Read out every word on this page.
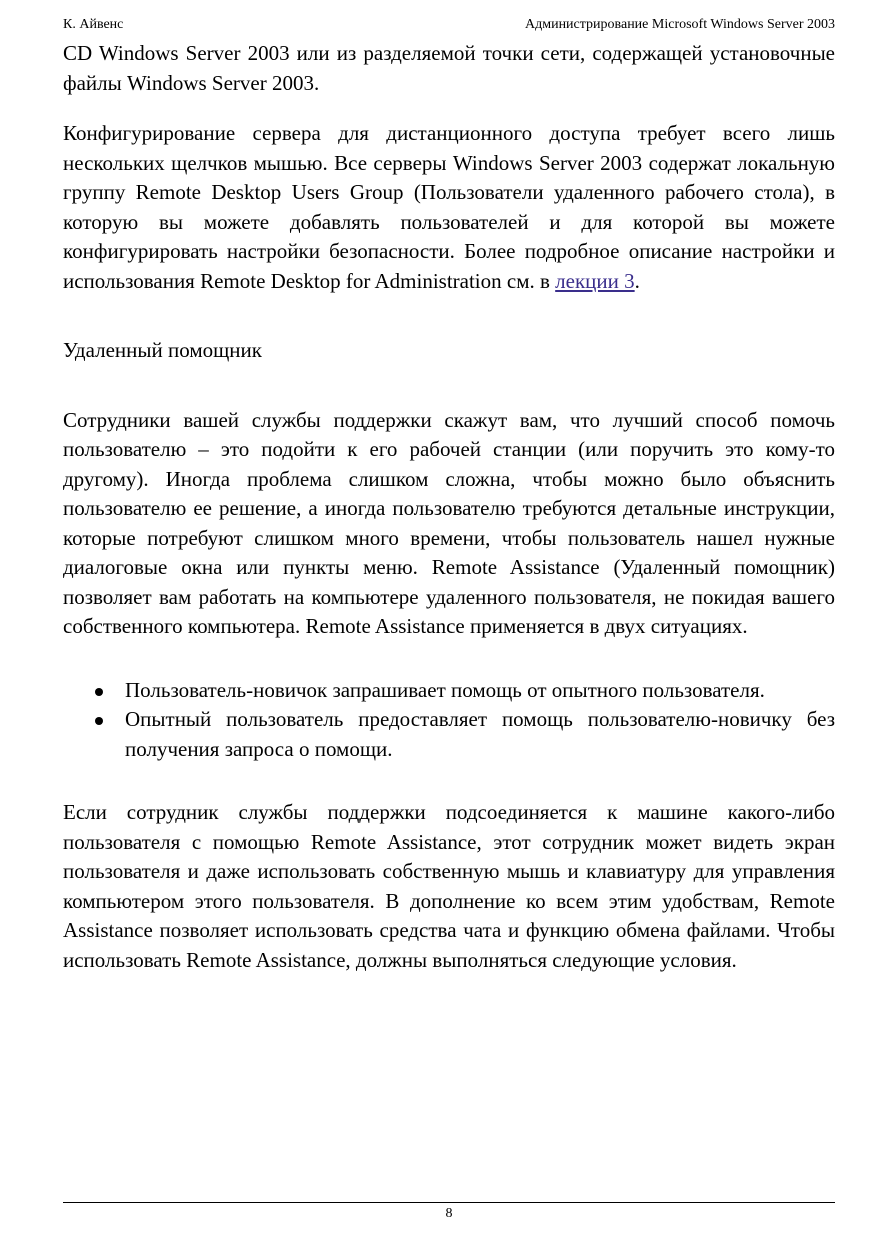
К. Айвенс	Администрирование Microsoft Windows Server 2003

CD Windows Server 2003 или из разделяемой точки сети, содержащей установочные файлы Windows Server 2003.

Конфигурирование сервера для дистанционного доступа требует всего лишь нескольких щелчков мышью. Все серверы Windows Server 2003 содержат локальную группу Remote Desktop Users Group (Пользователи удаленного рабочего стола), в которую вы можете добавлять пользователей и для которой вы можете конфигурировать настройки безопасности. Более подробное описание настройки и использования Remote Desktop for Administration см. в лекции 3.

Удаленный помощник

Сотрудники вашей службы поддержки скажут вам, что лучший способ помочь пользователю – это подойти к его рабочей станции (или поручить это кому-то другому). Иногда проблема слишком сложна, чтобы можно было объяснить пользователю ее решение, а иногда пользователю требуются детальные инструкции, которые потребуют слишком много времени, чтобы пользователь нашел нужные диалоговые окна или пункты меню. Remote Assistance (Удаленный помощник) позволяет вам работать на компьютере удаленного пользователя, не покидая вашего собственного компьютера. Remote Assistance применяется в двух ситуациях.

Пользователь-новичок запрашивает помощь от опытного пользователя.
Опытный пользователь предоставляет помощь пользователю-новичку без получения запроса о помощи.

Если сотрудник службы поддержки подсоединяется к машине какого-либо пользователя с помощью Remote Assistance, этот сотрудник может видеть экран пользователя и даже использовать собственную мышь и клавиатуру для управления компьютером этого пользователя. В дополнение ко всем этим удобствам, Remote Assistance позволяет использовать средства чата и функцию обмена файлами. Чтобы использовать Remote Assistance, должны выполняться следующие условия.

8
